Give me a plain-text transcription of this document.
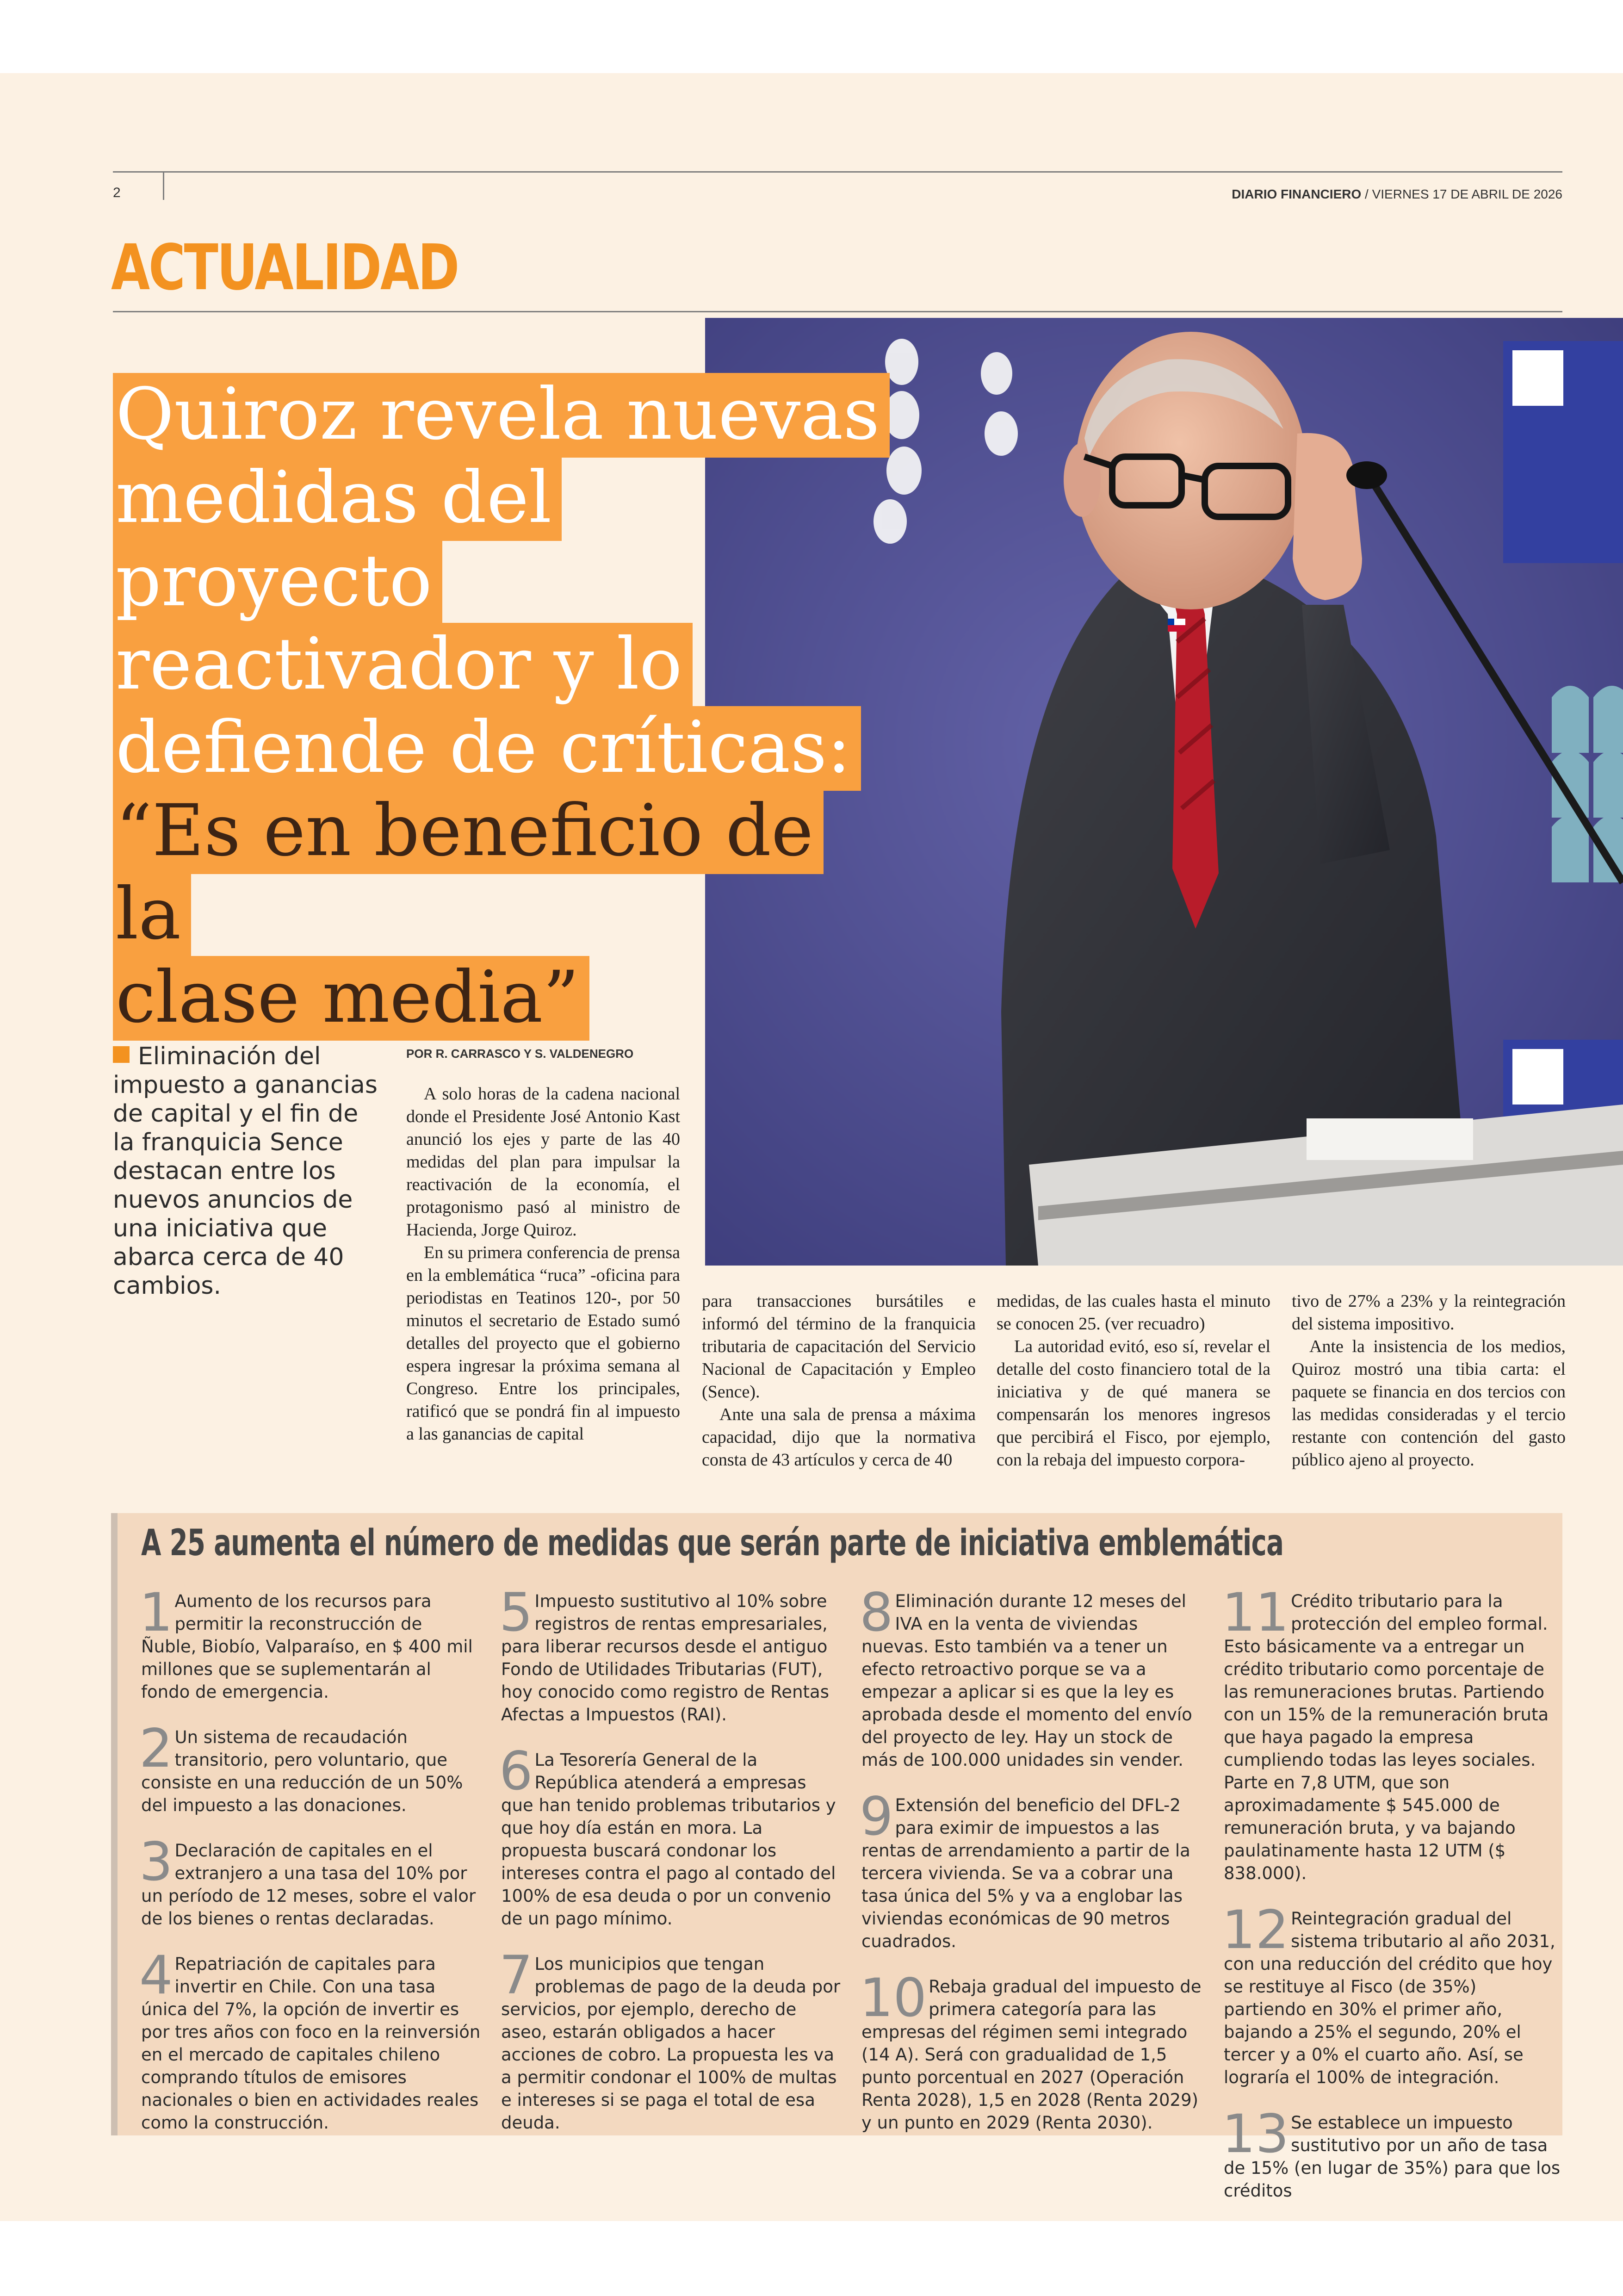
2	DIARIO FINANCIERO / VIERNES 17 DE ABRIL DE 2026
ACTUALIDAD
Quiroz revela nuevas
medidas del proyecto
reactivador y lo
defiende de críticas:
“Es en beneficio de la
clase media”
Eliminación del impuesto a ganancias de capital y el fin de la franquicia Sence destacan entre los nuevos anuncios de una iniciativa que abarca cerca de 40 cambios.
POR R. CARRASCO Y S. VALDENEGRO

A solo horas de la cadena nacional donde el Presidente José Antonio Kast anunció los ejes y parte de las 40 medidas del plan para impulsar la reactivación de la economía, el protagonismo pasó al ministro de Hacienda, Jorge Quiroz.

En su primera conferencia de prensa en la emblemática “ruca” -oficina para periodistas en Teatinos 120-, por 50 minutos el secretario de Estado sumó detalles del proyecto que el gobierno espera ingresar la próxima semana al Congreso. Entre los principales, ratificó que se pondrá fin al impuesto a las ganancias de capital

para transacciones bursátiles e informó del término de la franquicia tributaria de capacitación del Servicio Nacional de Capacitación y Empleo (Sence).

Ante una sala de prensa a máxima capacidad, dijo que la normativa consta de 43 artículos y cerca de 40

medidas, de las cuales hasta el minuto se conocen 25. (ver recuadro)

La autoridad evitó, eso sí, revelar el detalle del costo financiero total de la iniciativa y de qué manera se compensarán los menores ingresos que percibirá el Fisco, por ejemplo, con la rebaja del impuesto corpora-

tivo de 27% a 23% y la reintegración del sistema impositivo.

Ante la insistencia de los medios, Quiroz mostró una tibia carta: el paquete se financia en dos tercios con las medidas consideradas y el tercio restante con contención del gasto público ajeno al proyecto.

A 25 aumenta el número de medidas que serán parte de iniciativa emblemática
1 Aumento de los recursos para permitir la reconstrucción de Ñuble, Biobío, Valparaíso, en $ 400 mil millones que se suplementarán al fondo de emergencia.
2 Un sistema de recaudación transitorio, pero voluntario, que consiste en una reducción de un 50% del impuesto a las donaciones.
3 Declaración de capitales en el extranjero a una tasa del 10% por un período de 12 meses, sobre el valor de los bienes o rentas declaradas.
4 Repatriación de capitales para invertir en Chile. Con una tasa única del 7%, la opción de invertir es por tres años con foco en la reinversión en el mercado de capitales chileno comprando títulos de emisores nacionales o bien en actividades reales como la construcción.
5 Impuesto sustitutivo al 10% sobre registros de rentas empresariales, para liberar recursos desde el antiguo Fondo de Utilidades Tributarias (FUT), hoy conocido como registro de Rentas Afectas a Impuestos (RAI).
6 La Tesorería General de la República atenderá a empresas que han tenido problemas tributarios y que hoy día están en mora. La propuesta buscará condonar los intereses contra el pago al contado del 100% de esa deuda o por un convenio de un pago mínimo.
7 Los municipios que tengan problemas de pago de la deuda por servicios, por ejemplo, derecho de aseo, estarán obligados a hacer acciones de cobro. La propuesta les va a permitir condonar el 100% de multas e intereses si se paga el total de esa deuda.
8 Eliminación durante 12 meses del IVA en la venta de viviendas nuevas. Esto también va a tener un efecto retroactivo porque se va a empezar a aplicar si es que la ley es aprobada desde el momento del envío del proyecto de ley. Hay un stock de más de 100.000 unidades sin vender.
9 Extensión del beneficio del DFL-2 para eximir de impuestos a las rentas de arrendamiento a partir de la tercera vivienda. Se va a cobrar una tasa única del 5% y va a englobar las viviendas económicas de 90 metros cuadrados.
10 Rebaja gradual del impuesto de primera categoría para las empresas del régimen semi integrado (14 A). Será con gradualidad de 1,5 punto porcentual en 2027 (Operación Renta 2028), 1,5 en 2028 (Renta 2029) y un punto en 2029 (Renta 2030).
11 Crédito tributario para la protección del empleo formal. Esto básicamente va a entregar un crédito tributario como porcentaje de las remuneraciones brutas. Partiendo con un 15% de la remuneración bruta que haya pagado la empresa cumpliendo todas las leyes sociales. Parte en 7,8 UTM, que son aproximadamente $ 545.000 de remuneración bruta, y va bajando paulatinamente hasta 12 UTM ($ 838.000).
12 Reintegración gradual del sistema tributario al año 2031, con una reducción del crédito que hoy se restituye al Fisco (de 35%) partiendo en 30% el primer año, bajando a 25% el segundo, 20% el tercer y a 0% el cuarto año. Así, se lograría el 100% de integración.
13 Se establece un impuesto sustitutivo por un año de tasa de 15% (en lugar de 35%) para que los créditos
